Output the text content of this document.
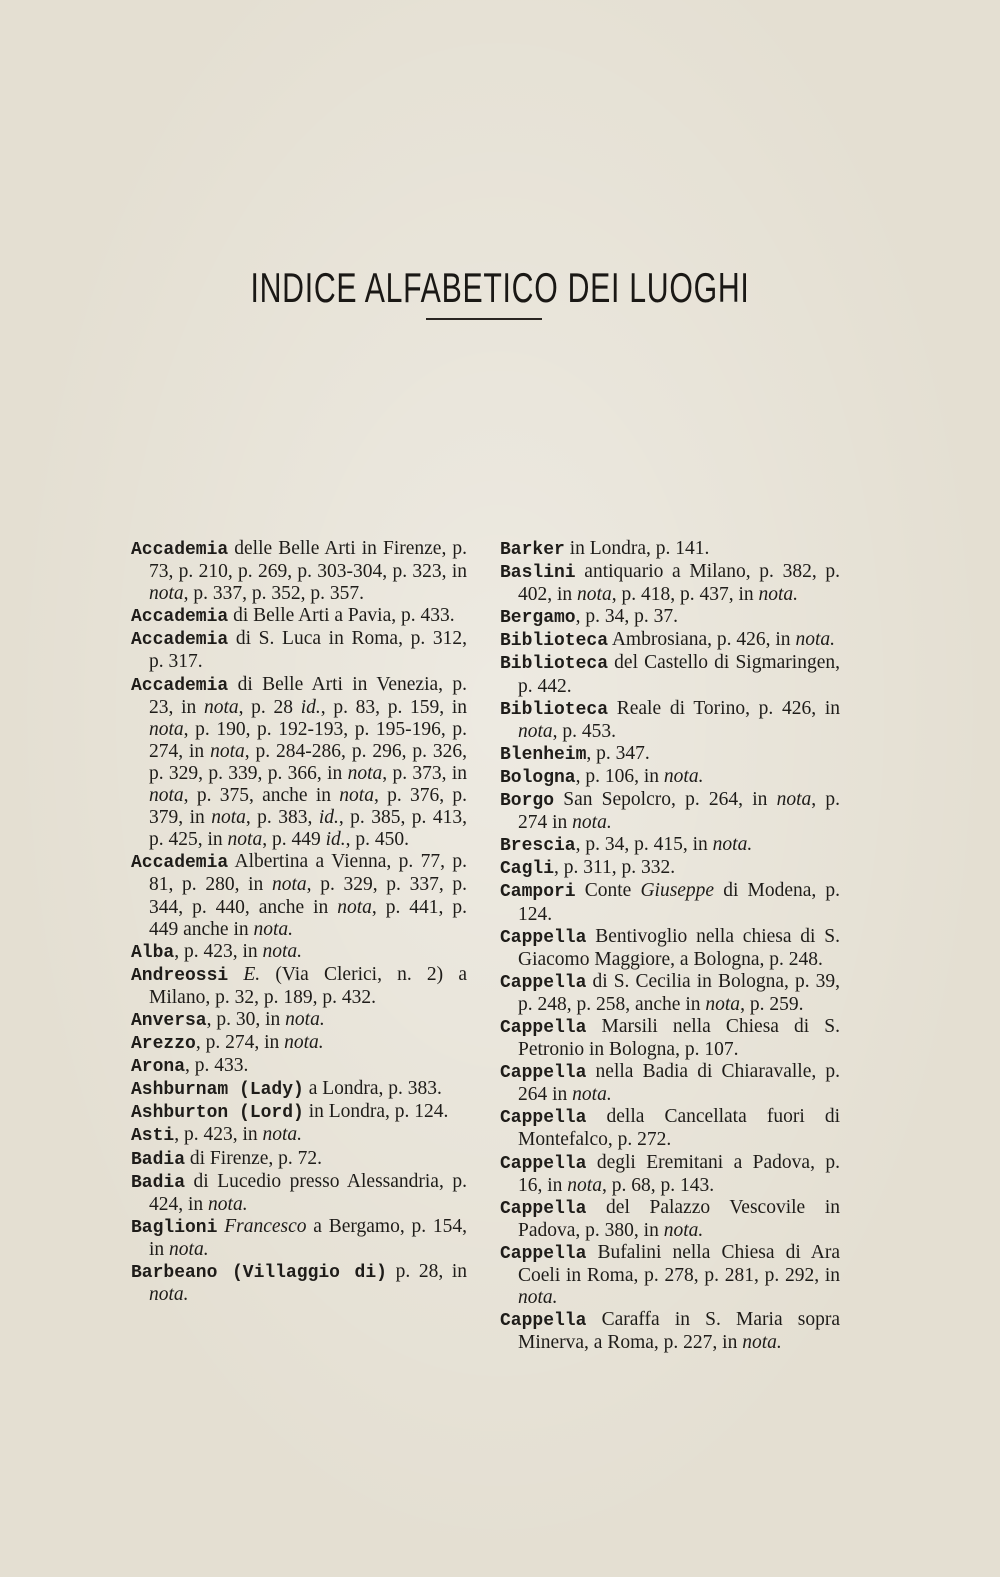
INDICE ALFABETICO DEI LUOGHI

Accademia delle Belle Arti in Firenze, p. 73, p. 210, p. 269, p. 303-304, p. 323, in nota, p. 337, p. 352, p. 357.

Accademia di Belle Arti a Pavia, p. 433.

Accademia di S. Luca in Roma, p. 312, p. 317.

Accademia di Belle Arti in Venezia, p. 23, in nota, p. 28 id., p. 83, p. 159, in nota, p. 190, p. 192-193, p. 195-196, p. 274, in nota, p. 284-286, p. 296, p. 326, p. 329, p. 339, p. 366, in nota, p. 373, in nota, p. 375, anche in nota, p. 376, p. 379, in nota, p. 383, id., p. 385, p. 413, p. 425, in nota, p. 449 id., p. 450.

Accademia Albertina a Vienna, p. 77, p. 81, p. 280, in nota, p. 329, p. 337, p. 344, p. 440, anche in nota, p. 441, p. 449 anche in nota.

Alba, p. 423, in nota.

Andreossi E. (Via Clerici, n. 2) a Milano, p. 32, p. 189, p. 432.

Anversa, p. 30, in nota.

Arezzo, p. 274, in nota.

Arona, p. 433.

Ashburnam (Lady) a Londra, p. 383.

Ashburton (Lord) in Londra, p. 124.

Asti, p. 423, in nota.

Badia di Firenze, p. 72.

Badia di Lucedio presso Alessandria, p. 424, in nota.

Baglioni Francesco a Bergamo, p. 154, in nota.

Barbeano (Villaggio di) p. 28, in nota.

Barker in Londra, p. 141.

Baslini antiquario a Milano, p. 382, p. 402, in nota, p. 418, p. 437, in nota.

Bergamo, p. 34, p. 37.

Biblioteca Ambrosiana, p. 426, in nota.

Biblioteca del Castello di Sigmaringen, p. 442.

Biblioteca Reale di Torino, p. 426, in nota, p. 453.

Blenheim, p. 347.

Bologna, p. 106, in nota.

Borgo San Sepolcro, p. 264, in nota, p. 274 in nota.

Brescia, p. 34, p. 415, in nota.

Cagli, p. 311, p. 332.

Campori Conte Giuseppe di Modena, p. 124.

Cappella Bentivoglio nella chiesa di S. Giacomo Maggiore, a Bologna, p. 248.

Cappella di S. Cecilia in Bologna, p. 39, p. 248, p. 258, anche in nota, p. 259.

Cappella Marsili nella Chiesa di S. Petronio in Bologna, p. 107.

Cappella nella Badia di Chiaravalle, p. 264 in nota.

Cappella della Cancellata fuori di Montefalco, p. 272.

Cappella degli Eremitani a Padova, p. 16, in nota, p. 68, p. 143.

Cappella del Palazzo Vescovile in Padova, p. 380, in nota.

Cappella Bufalini nella Chiesa di Ara Coeli in Roma, p. 278, p. 281, p. 292, in nota.

Cappella Caraffa in S. Maria sopra Minerva, a Roma, p. 227, in nota.
